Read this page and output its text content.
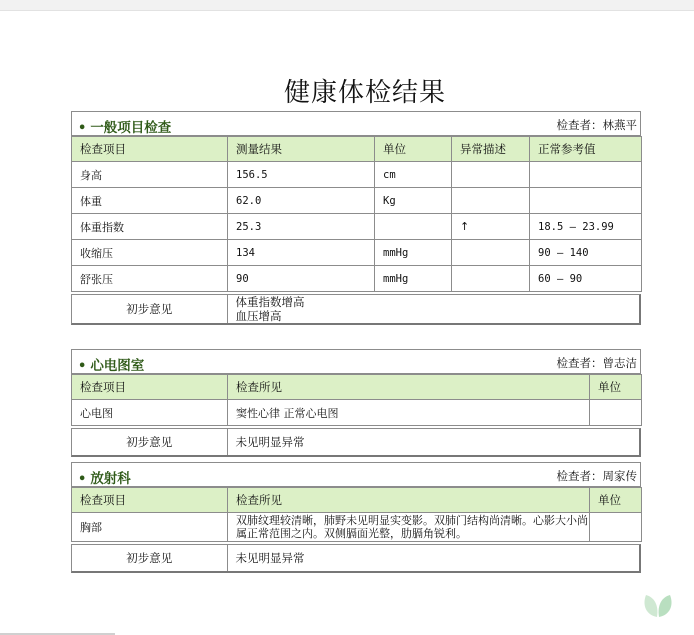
健康体检结果
• 一般项目检查	检查者：林燕平
检查项目	测量结果	单位	异常描述	正常参考值
身高	156.5	cm		
体重	62.0	Kg		
体重指数	25.3		↑	18.5 — 23.99
收缩压	134	mmHg		90 — 140
舒张压	90	mmHg		60 — 90
初步意见	体重指数增高
血压增高
• 心电图室	检查者：曾志洁
检查项目	检查所见	单位
心电图	窦性心律 正常心电图	
初步意见	未见明显异常
• 放射科	检查者：周家传
检查项目	检查所见	单位
胸部	双肺纹理较清晰，肺野未见明显实变影。双肺门结构尚清晰。心影大小尚属正常范围之内。双侧膈面光整，肋膈角锐利。	
初步意见	未见明显异常
